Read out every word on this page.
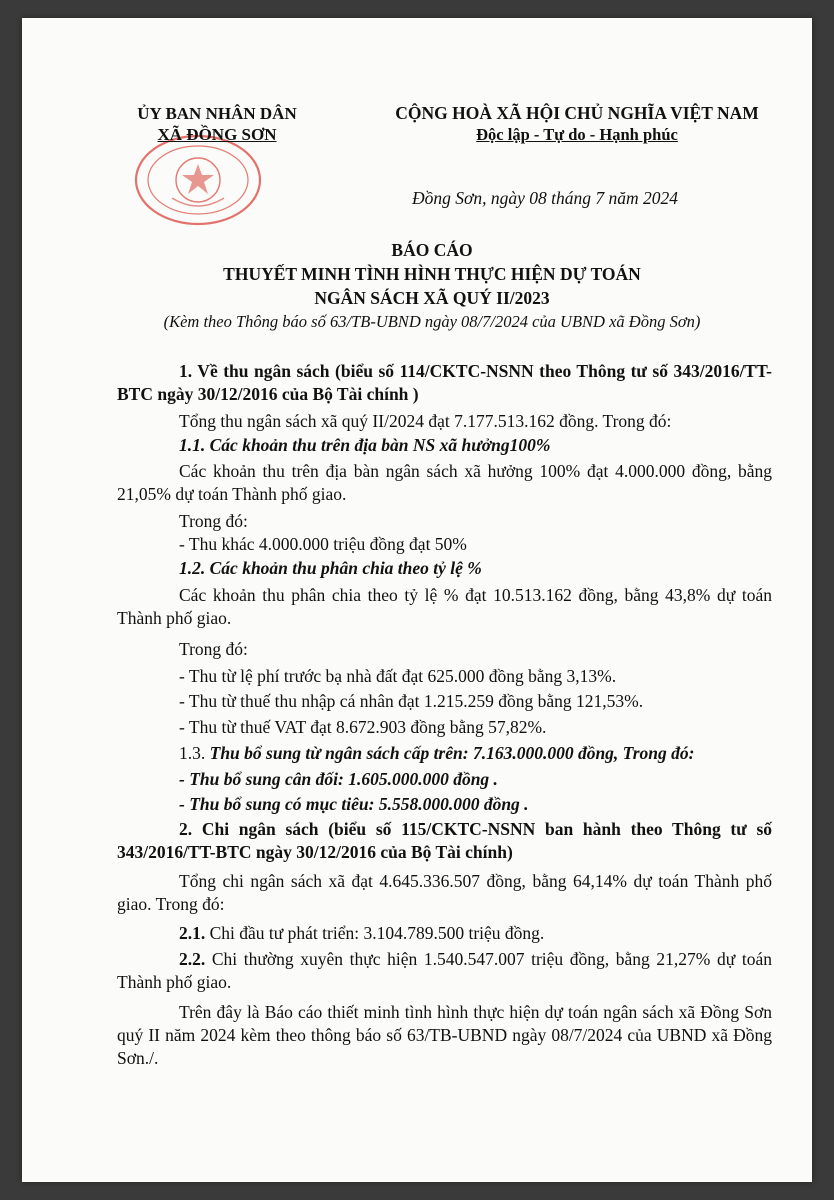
ỦY BAN NHÂN DÂN
XÃ ĐỒNG SƠN
CỘNG HOÀ XÃ HỘI CHỦ NGHĨA VIỆT NAM
Độc lập - Tự do - Hạnh phúc
Đồng Sơn, ngày 08 tháng 7 năm 2024
BÁO CÁO
THUYẾT MINH TÌNH HÌNH THỰC HIỆN DỰ TOÁN
NGÂN SÁCH XÃ QUÝ II/2023
(Kèm theo Thông báo số 63/TB-UBND ngày 08/7/2024 của UBND xã Đồng Sơn)
1. Về thu ngân sách (biểu số 114/CKTC-NSNN theo Thông tư số 343/2016/TT-BTC ngày 30/12/2016 của Bộ Tài chính )
Tổng thu ngân sách xã quý II/2024 đạt 7.177.513.162 đồng. Trong đó:
1.1. Các khoản thu trên địa bàn NS xã hưởng100%
Các khoản thu trên địa bàn ngân sách xã hưởng 100% đạt 4.000.000 đồng, bằng 21,05% dự toán Thành phố giao.
Trong đó:
- Thu khác 4.000.000 triệu đồng đạt 50%
1.2. Các khoản thu phân chia theo tỷ lệ %
Các khoản thu phân chia theo tỷ lệ % đạt 10.513.162 đồng, bằng 43,8% dự toán Thành phố giao.
Trong đó:
- Thu từ lệ phí trước bạ nhà đất đạt 625.000 đồng bằng 3,13%.
- Thu từ thuế thu nhập cá nhân đạt 1.215.259 đồng bằng 121,53%.
- Thu từ thuế VAT đạt 8.672.903 đồng bằng 57,82%.
1.3. Thu bổ sung từ ngân sách cấp trên: 7.163.000.000 đồng, Trong đó:
- Thu bổ sung cân đối: 1.605.000.000 đồng .
- Thu bổ sung có mục tiêu: 5.558.000.000 đồng .
2. Chi ngân sách (biểu số 115/CKTC-NSNN ban hành theo Thông tư số 343/2016/TT-BTC ngày 30/12/2016 của Bộ Tài chính)
Tổng chi ngân sách xã đạt 4.645.336.507 đồng, bằng 64,14% dự toán Thành phố giao. Trong đó:
2.1. Chi đầu tư phát triển: 3.104.789.500 triệu đồng.
2.2. Chi thường xuyên thực hiện 1.540.547.007 triệu đồng, bằng 21,27% dự toán Thành phố giao.
Trên đây là Báo cáo thiết minh tình hình thực hiện dự toán ngân sách xã Đồng Sơn quý II năm 2024 kèm theo thông báo số 63/TB-UBND ngày 08/7/2024 của UBND xã Đồng Sơn./.
